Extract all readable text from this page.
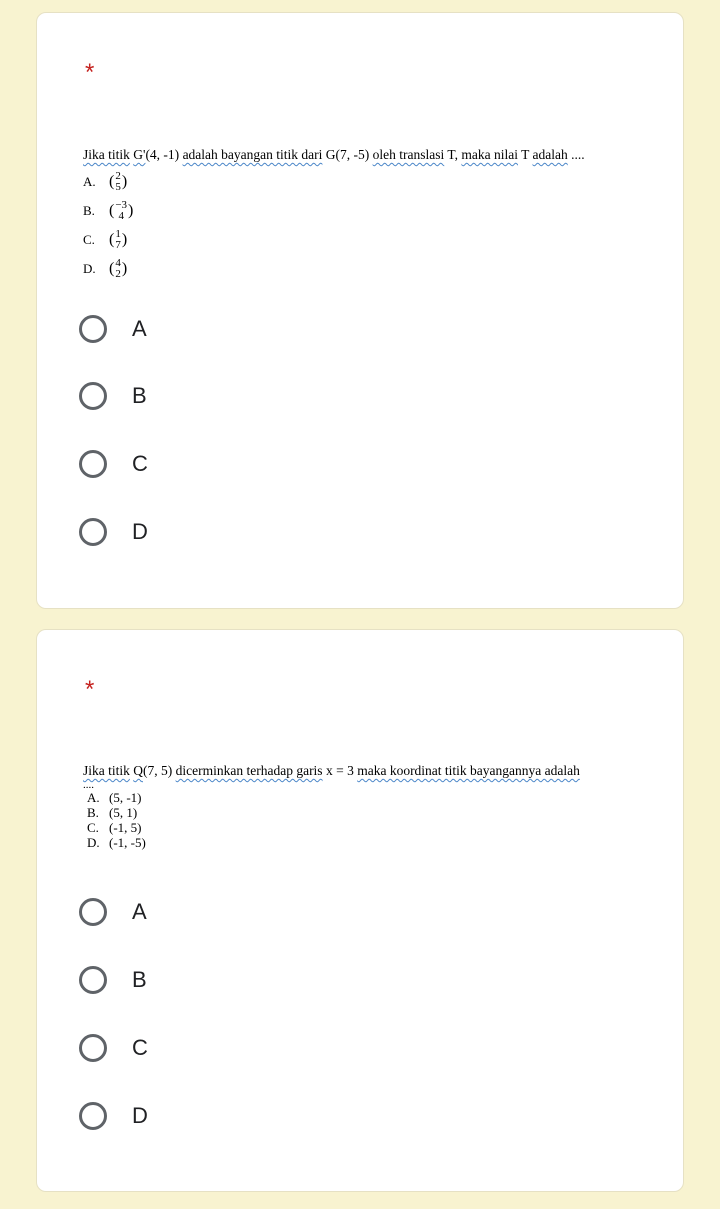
*
Jika titik G'(4, -1) adalah bayangan titik dari G(7, -5) oleh translasi T, maka nilai T adalah ....
A. ( 2
5 )
B. ( −3
4 )
C. ( 1
7 )
D. ( 4
2 )
A
B
C
D
*
Jika titik Q(7, 5) dicerminkan terhadap garis x = 3 maka koordinat titik bayangannya adalah
....
A. (5, -1)
B. (5, 1)
C. (-1, 5)
D. (-1, -5)
A
B
C
D
